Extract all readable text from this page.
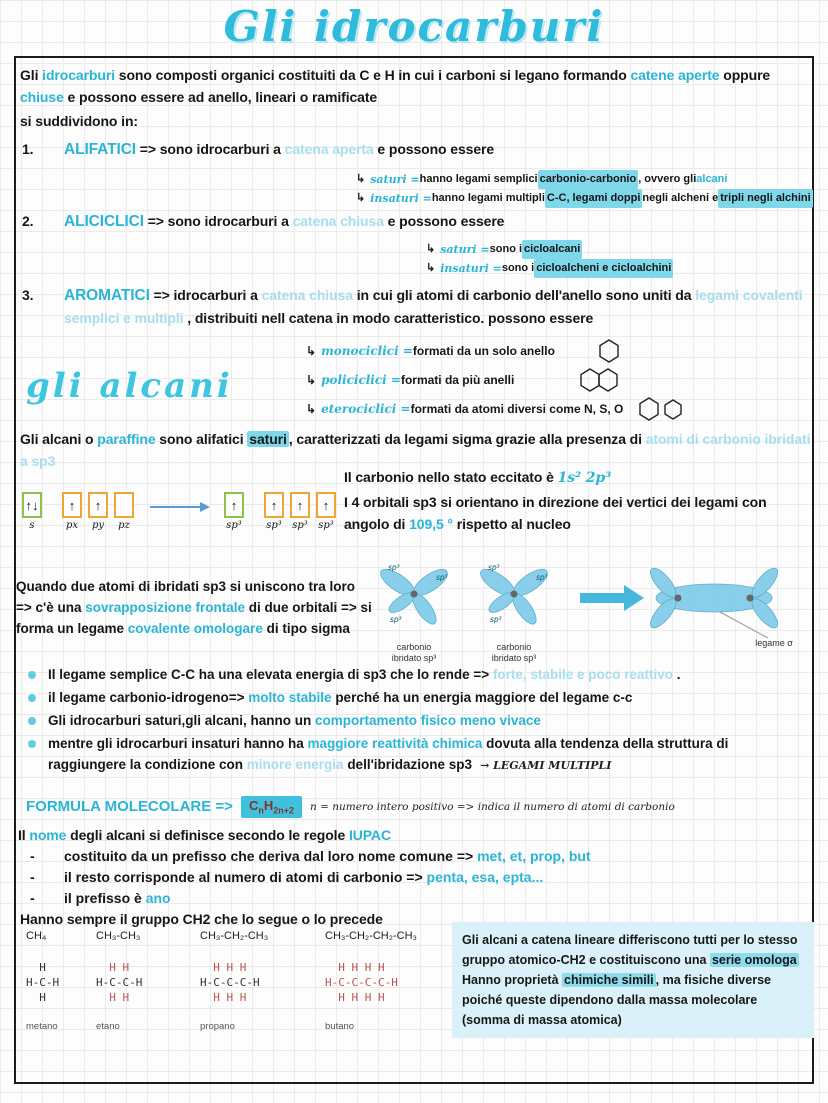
Gli idrocarburi

Gli idrocarburi sono composti organici costituiti da C e H in cui i carboni si legano formando catene aperte oppure chiuse e possono essere ad anello, lineari o ramificate

si suddividono in:

1.	ALIFATICI => sono idrocarburi a catena aperta e possono essere
↳ saturi = hanno legami semplici carbonio-carbonio , ovvero gli alcani
↳ insaturi = hanno legami multipli C-C, legami doppi negli alcheni e tripli negli alchini
2.	ALICICLICI => sono idrocarburi a catena chiusa e possono essere
↳ saturi = sono i cicloalcani
↳ insaturi = sono i cicloalcheni e cicloalchini
3.	AROMATICI => idrocarburi a catena chiusa in cui gli atomi di carbonio dell'anello sono uniti da legami covalenti semplici e multipli , distribuiti nell catena in modo caratteristico. possono essere
↳ monociclici = formati da un solo anello
↳ policiclici = formati da più anelli
↳ eterociclici = formati da atomi diversi come N, S, O
gli alcani

Gli alcani o paraffine sono alifatici saturi , caratterizzati da legami sigma grazie alla presenza di atomi di carbonio ibridati a sp3

Il carbonio nello stato eccitato è 1s² 2p³

I 4 orbitali sp3 si orientano in direzione dei vertici dei legami con angolo di 109,5 ° rispetto al nucleo

↑↓
s
↑
px
↑
py pz
↑
sp³
↑
sp³
↑
sp³
↑
sp³

Quando due atomi di ibridati sp3 si uniscono tra loro => c'è una sovrapposizione frontale di due orbitali => si forma un legame covalente omologare di tipo sigma

sp³
sp³
sp³
sp³
sp³
sp³
carbonio
ibridato sp³
carbonio
ibridato sp³
legame σ
Il legame semplice C-C ha una elevata energia di sp3 che lo rende => forte, stabile e poco reattivo .
il legame carbonio-idrogeno=> molto stabile perché ha un energia maggiore del legame c-c
Gli idrocarburi saturi,gli alcani, hanno un comportamento fisico meno vivace
mentre gli idrocarburi insaturi hanno ha maggiore reattività chimica dovuta alla tendenza della struttura di raggiungere la condizione con minore energia dell'ibridazione sp3 → LEGAMI MULTIPLI
FORMULA MOLECOLARE =>	$C_nH_{2n+2}$	n = numero intero positivo => indica il numero di atomi di carbonio

Il nome degli alcani si definisce secondo le regole IUPAC

-	costituito da un prefisso che deriva dal loro nome comune => met, et, prop, but
-	il resto corrisponde al numero di atomi di carbonio => penta, esa, epta...
-	il prefisso è ano

Hanno sempre il gruppo CH2 che lo segue o lo precede

CH₄
H
H-C-H
H
metano
CH₃-CH₃
H H
H-C-C-H
H H
etano
CH₃-CH₂-CH₃
H H H
H-C-C-C-H
H H H
propano
CH₃-CH₂-CH₂-CH₃
H H H H
H-C-C-C-C-H
H H H H
butano
Gli alcani a catena lineare differiscono tutti per lo stesso gruppo atomico-CH2 e costituiscono una serie omologa Hanno proprietà chimiche simili , ma fisiche diverse poiché queste dipendono dalla massa molecolare (somma di massa atomica)
